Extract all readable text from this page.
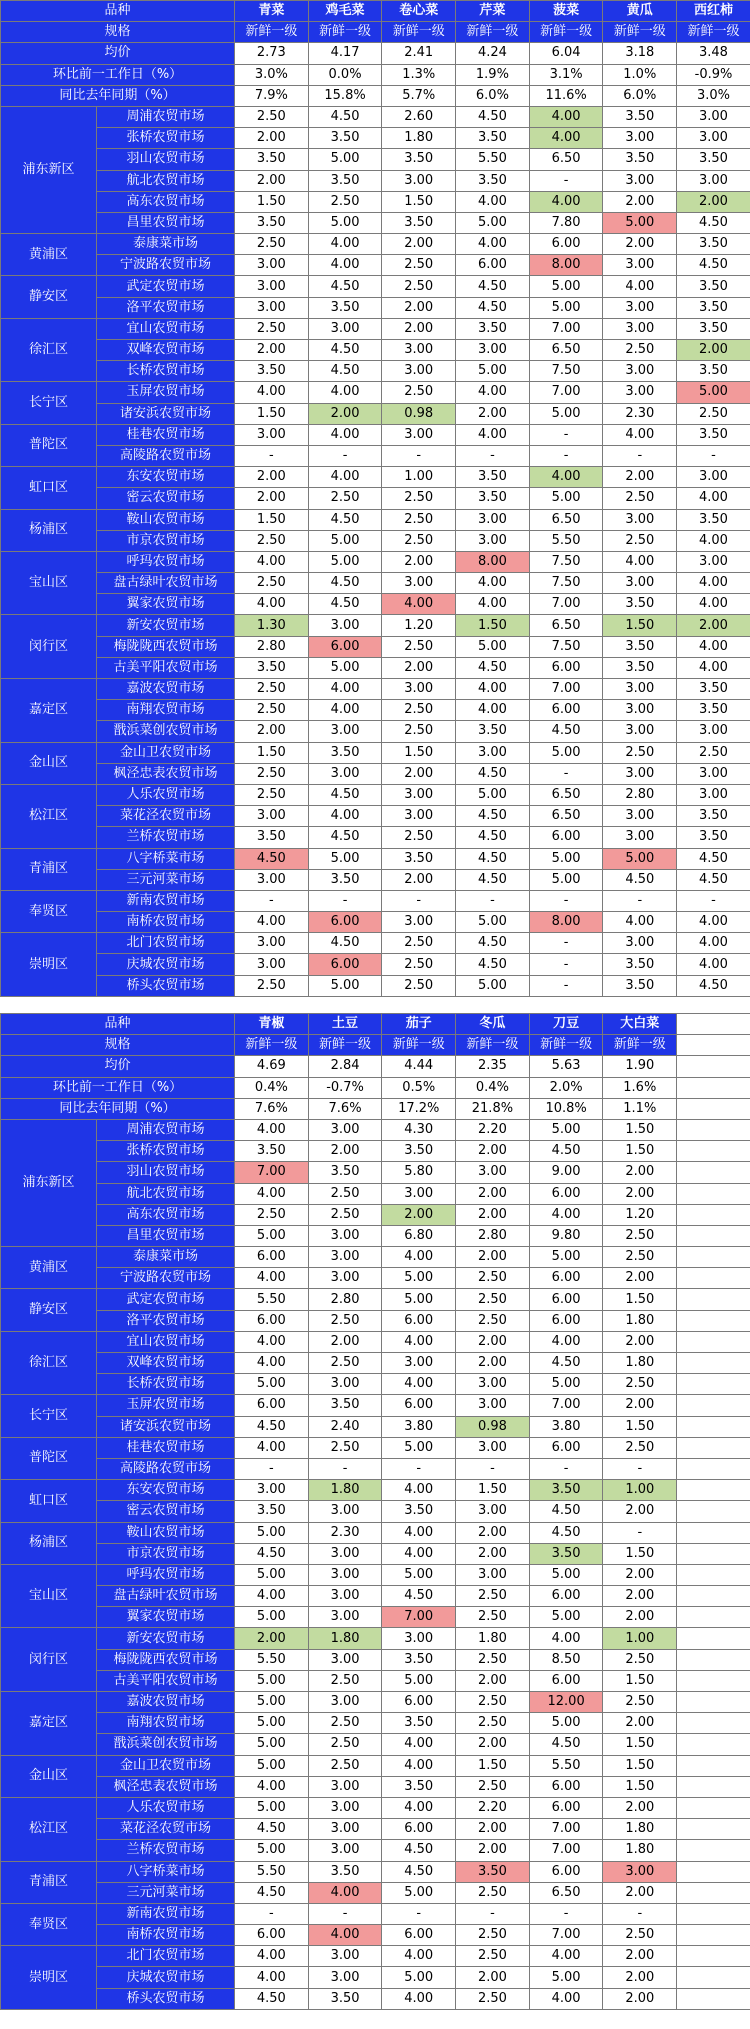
品种		青菜	鸡毛菜	卷心菜	芹菜	菠菜	黄瓜	西红柿
规格		新鲜一级	新鲜一级	新鲜一级	新鲜一级	新鲜一级	新鲜一级	新鲜一级
均价		2.73	4.17	2.41	4.24	6.04	3.18	3.48
环比前一工作日（%）		3.0%	0.0%	1.3%	1.9%	3.1%	1.0%	-0.9%
同比去年同期（%）		7.9%	15.8%	5.7%	6.0%	11.6%	6.0%	3.0%
浦东新区	周浦农贸市场	2.50	4.50	2.60	4.50	4.00	3.50	3.00
	张桥农贸市场	2.00	3.50	1.80	3.50	4.00	3.00	3.00
	羽山农贸市场	3.50	5.00	3.50	5.50	6.50	3.50	3.50
	航北农贸市场	2.00	3.50	3.00	3.50	-	3.00	3.00
	高东农贸市场	1.50	2.50	1.50	4.00	4.00	2.00	2.00
	昌里农贸市场	3.50	5.00	3.50	5.00	7.80	5.00	4.50
黄浦区	泰康菜市场	2.50	4.00	2.00	4.00	6.00	2.00	3.50
	宁波路农贸市场	3.00	4.00	2.50	6.00	8.00	3.00	4.50
静安区	武定农贸市场	3.00	4.50	2.50	4.50	5.00	4.00	3.50
	洛平农贸市场	3.00	3.50	2.00	4.50	5.00	3.00	3.50
徐汇区	宜山农贸市场	2.50	3.00	2.00	3.50	7.00	3.00	3.50
	双峰农贸市场	2.00	4.50	3.00	3.00	6.50	2.50	2.00
	长桥农贸市场	3.50	4.50	3.00	5.00	7.50	3.00	3.50
长宁区	玉屏农贸市场	4.00	4.00	2.50	4.00	7.00	3.00	5.00
	诸安浜农贸市场	1.50	2.00	0.98	2.00	5.00	2.30	2.50
普陀区	桂巷农贸市场	3.00	4.00	3.00	4.00	-	4.00	3.50
	高陵路农贸市场	-	-	-	-	-	-	-
虹口区	东安农贸市场	2.00	4.00	1.00	3.50	4.00	2.00	3.00
	密云农贸市场	2.00	2.50	2.50	3.50	5.00	2.50	4.00
杨浦区	鞍山农贸市场	1.50	4.50	2.50	3.00	6.50	3.00	3.50
	市京农贸市场	2.50	5.00	2.50	3.00	5.50	2.50	4.00
宝山区	呼玛农贸市场	4.00	5.00	2.00	8.00	7.50	4.00	3.00
	盘古绿叶农贸市场	2.50	4.50	3.00	4.00	7.50	3.00	4.00
	翼家农贸市场	4.00	4.50	4.00	4.00	7.00	3.50	4.00
闵行区	新安农贸市场	1.30	3.00	1.20	1.50	6.50	1.50	2.00
	梅陇陇西农贸市场	2.80	6.00	2.50	5.00	7.50	3.50	4.00
	古美平阳农贸市场	3.50	5.00	2.00	4.50	6.00	3.50	4.00
嘉定区	嘉波农贸市场	2.50	4.00	3.00	4.00	7.00	3.00	3.50
	南翔农贸市场	2.50	4.00	2.50	4.00	6.00	3.00	3.50
	戬浜菜创农贸市场	2.00	3.00	2.50	3.50	4.50	3.00	3.00
金山区	金山卫农贸市场	1.50	3.50	1.50	3.00	5.00	2.50	2.50
	枫泾忠表农贸市场	2.50	3.00	2.00	4.50	-	3.00	3.00
松江区	人乐农贸市场	2.50	4.50	3.00	5.00	6.50	2.80	3.00
	菜花泾农贸市场	3.00	4.00	3.00	4.50	6.50	3.00	3.50
	兰桥农贸市场	3.50	4.50	2.50	4.50	6.00	3.00	3.50
青浦区	八字桥菜市场	4.50	5.00	3.50	4.50	5.00	5.00	4.50
	三元河菜市场	3.00	3.50	2.00	4.50	5.00	4.50	4.50
奉贤区	新南农贸市场	-	-	-	-	-	-	-
	南桥农贸市场	4.00	6.00	3.00	5.00	8.00	4.00	4.00
崇明区	北门农贸市场	3.00	4.50	2.50	4.50	-	3.00	4.00
	庆城农贸市场	3.00	6.00	2.50	4.50	-	3.50	4.00
	桥头农贸市场	2.50	5.00	2.50	5.00	-	3.50	4.50
品种		青椒	土豆	茄子	冬瓜	刀豆	大白菜	
规格		新鲜一级	新鲜一级	新鲜一级	新鲜一级	新鲜一级	新鲜一级	
均价		4.69	2.84	4.44	2.35	5.63	1.90	
环比前一工作日（%）		0.4%	-0.7%	0.5%	0.4%	2.0%	1.6%	
同比去年同期（%）		7.6%	7.6%	17.2%	21.8%	10.8%	1.1%	
浦东新区	周浦农贸市场	4.00	3.00	4.30	2.20	5.00	1.50	
	张桥农贸市场	3.50	2.00	3.50	2.00	4.50	1.50	
	羽山农贸市场	7.00	3.50	5.80	3.00	9.00	2.00	
	航北农贸市场	4.00	2.50	3.00	2.00	6.00	2.00	
	高东农贸市场	2.50	2.50	2.00	2.00	4.00	1.20	
	昌里农贸市场	5.00	3.00	6.80	2.80	9.80	2.50	
黄浦区	泰康菜市场	6.00	3.00	4.00	2.00	5.00	2.50	
	宁波路农贸市场	4.00	3.00	5.00	2.50	6.00	2.00	
静安区	武定农贸市场	5.50	2.80	5.00	2.50	6.00	1.50	
	洛平农贸市场	6.00	2.50	6.00	2.50	6.00	1.80	
徐汇区	宜山农贸市场	4.00	2.00	4.00	2.00	4.00	2.00	
	双峰农贸市场	4.00	2.50	3.00	2.00	4.50	1.80	
	长桥农贸市场	5.00	3.00	4.00	3.00	5.00	2.50	
长宁区	玉屏农贸市场	6.00	3.50	6.00	3.00	7.00	2.00	
	诸安浜农贸市场	4.50	2.40	3.80	0.98	3.80	1.50	
普陀区	桂巷农贸市场	4.00	2.50	5.00	3.00	6.00	2.50	
	高陵路农贸市场	-	-	-	-	-	-	
虹口区	东安农贸市场	3.00	1.80	4.00	1.50	3.50	1.00	
	密云农贸市场	3.50	3.00	3.50	3.00	4.50	2.00	
杨浦区	鞍山农贸市场	5.00	2.30	4.00	2.00	4.50	-	
	市京农贸市场	4.50	3.00	4.00	2.00	3.50	1.50	
宝山区	呼玛农贸市场	5.00	3.00	5.00	3.00	5.00	2.00	
	盘古绿叶农贸市场	4.00	3.00	4.50	2.50	6.00	2.00	
	翼家农贸市场	5.00	3.00	7.00	2.50	5.00	2.00	
闵行区	新安农贸市场	2.00	1.80	3.00	1.80	4.00	1.00	
	梅陇陇西农贸市场	5.50	3.00	3.50	2.50	8.50	2.50	
	古美平阳农贸市场	5.00	2.50	5.00	2.00	6.00	1.50	
嘉定区	嘉波农贸市场	5.00	3.00	6.00	2.50	12.00	2.50	
	南翔农贸市场	5.00	2.50	3.50	2.50	5.00	2.00	
	戬浜菜创农贸市场	5.00	2.50	4.00	2.00	4.50	1.50	
金山区	金山卫农贸市场	5.00	2.50	4.00	1.50	5.50	1.50	
	枫泾忠表农贸市场	4.00	3.00	3.50	2.50	6.00	1.50	
松江区	人乐农贸市场	5.00	3.00	4.00	2.20	6.00	2.00	
	菜花泾农贸市场	4.50	3.00	6.00	2.00	7.00	1.80	
	兰桥农贸市场	5.00	3.00	4.50	2.00	7.00	1.80	
青浦区	八字桥菜市场	5.50	3.50	4.50	3.50	6.00	3.00	
	三元河菜市场	4.50	4.00	5.00	2.50	6.50	2.00	
奉贤区	新南农贸市场	-	-	-	-	-	-	
	南桥农贸市场	6.00	4.00	6.00	2.50	7.00	2.50	
崇明区	北门农贸市场	4.00	3.00	4.00	2.50	4.00	2.00	
	庆城农贸市场	4.00	3.00	5.00	2.00	5.00	2.00	
	桥头农贸市场	4.50	3.50	4.00	2.50	4.00	2.00	
